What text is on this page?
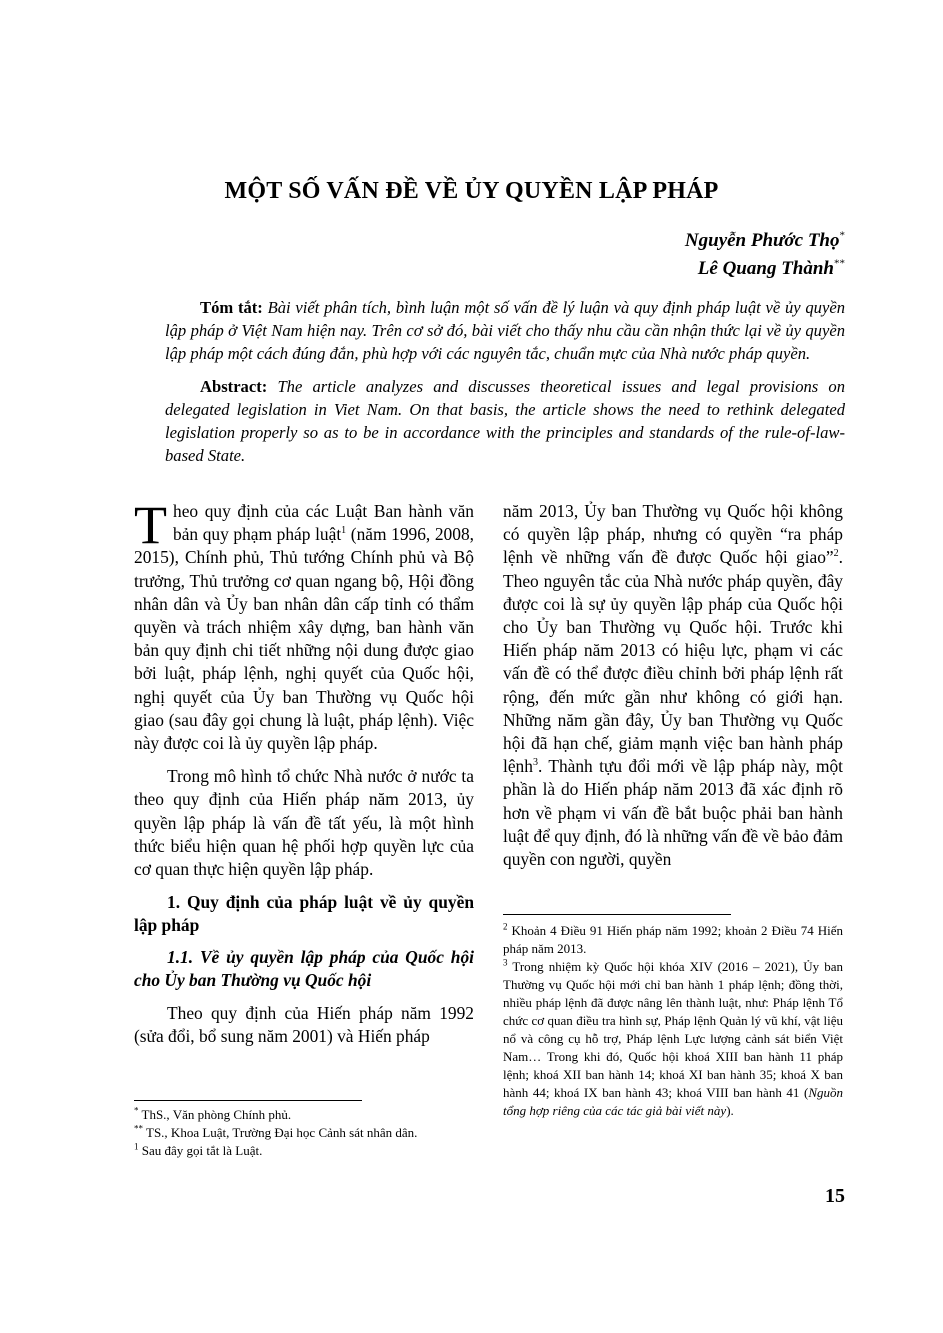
MỘT SỐ VẤN ĐỀ VỀ ỦY QUYỀN LẬP PHÁP
Nguyễn Phước Thọ*
Lê Quang Thành**

Tóm tắt: Bài viết phân tích, bình luận một số vấn đề lý luận và quy định pháp luật về ủy quyền lập pháp ở Việt Nam hiện nay. Trên cơ sở đó, bài viết cho thấy nhu cầu cần nhận thức lại về ủy quyền lập pháp một cách đúng đắn, phù hợp với các nguyên tắc, chuẩn mực của Nhà nước pháp quyền.

Abstract: The article analyzes and discusses theoretical issues and legal provisions on delegated legislation in Viet Nam. On that basis, the article shows the need to rethink delegated legislation properly so as to be in accordance with the principles and standards of the rule-of-law-based State.

Theo quy định của các Luật Ban hành văn bản quy phạm pháp luật$^1$ (năm 1996, 2008, 2015), Chính phủ, Thủ tướng Chính phủ và Bộ trưởng, Thủ trưởng cơ quan ngang bộ, Hội đồng nhân dân và Ủy ban nhân dân cấp tỉnh có thẩm quyền và trách nhiệm xây dựng, ban hành văn bản quy định chi tiết những nội dung được giao bởi luật, pháp lệnh, nghị quyết của Quốc hội, nghị quyết của Ủy ban Thường vụ Quốc hội giao (sau đây gọi chung là luật, pháp lệnh). Việc này được coi là ủy quyền lập pháp.

Trong mô hình tổ chức Nhà nước ở nước ta theo quy định của Hiến pháp năm 2013, ủy quyền lập pháp là vấn đề tất yếu, là một hình thức biểu hiện quan hệ phối hợp quyền lực của cơ quan thực hiện quyền lập pháp.

1. Quy định của pháp luật về ủy quyền lập pháp

1.1. Về ủy quyền lập pháp của Quốc hội cho Ủy ban Thường vụ Quốc hội

Theo quy định của Hiến pháp năm 1992 (sửa đổi, bổ sung năm 2001) và Hiến pháp

năm 2013, Ủy ban Thường vụ Quốc hội không có quyền lập pháp, nhưng có quyền “ra pháp lệnh về những vấn đề được Quốc hội giao”$^2$. Theo nguyên tắc của Nhà nước pháp quyền, đây được coi là sự ủy quyền lập pháp của Quốc hội cho Ủy ban Thường vụ Quốc hội. Trước khi Hiến pháp năm 2013 có hiệu lực, phạm vi các vấn đề có thể được điều chỉnh bởi pháp lệnh rất rộng, đến mức gần như không có giới hạn. Những năm gần đây, Ủy ban Thường vụ Quốc hội đã hạn chế, giảm mạnh việc ban hành pháp lệnh$^3$. Thành tựu đổi mới về lập pháp này, một phần là do Hiến pháp năm 2013 đã xác định rõ hơn về phạm vi vấn đề bắt buộc phải ban hành luật để quy định, đó là những vấn đề về bảo đảm quyền con người, quyền

* ThS., Văn phòng Chính phủ.

** TS., Khoa Luật, Trường Đại học Cảnh sát nhân dân.

$^1$ Sau đây gọi tắt là Luật.

$^2$ Khoản 4 Điều 91 Hiến pháp năm 1992; khoản 2 Điều 74 Hiến pháp năm 2013.

$^3$ Trong nhiệm kỳ Quốc hội khóa XIV (2016 – 2021), Ủy ban Thường vụ Quốc hội mới chỉ ban hành 1 pháp lệnh; đồng thời, nhiều pháp lệnh đã được nâng lên thành luật, như: Pháp lệnh Tổ chức cơ quan điều tra hình sự, Pháp lệnh Quản lý vũ khí, vật liệu nổ và công cụ hỗ trợ, Pháp lệnh Lực lượng cảnh sát biển Việt Nam… Trong khi đó, Quốc hội khoá XIII ban hành 11 pháp lệnh; khoá XII ban hành 14; khoá XI ban hành 35; khoá X ban hành 44; khoá IX ban hành 43; khoá VIII ban hành 41 (Nguồn tổng hợp riêng của các tác giả bài viết này).

15
